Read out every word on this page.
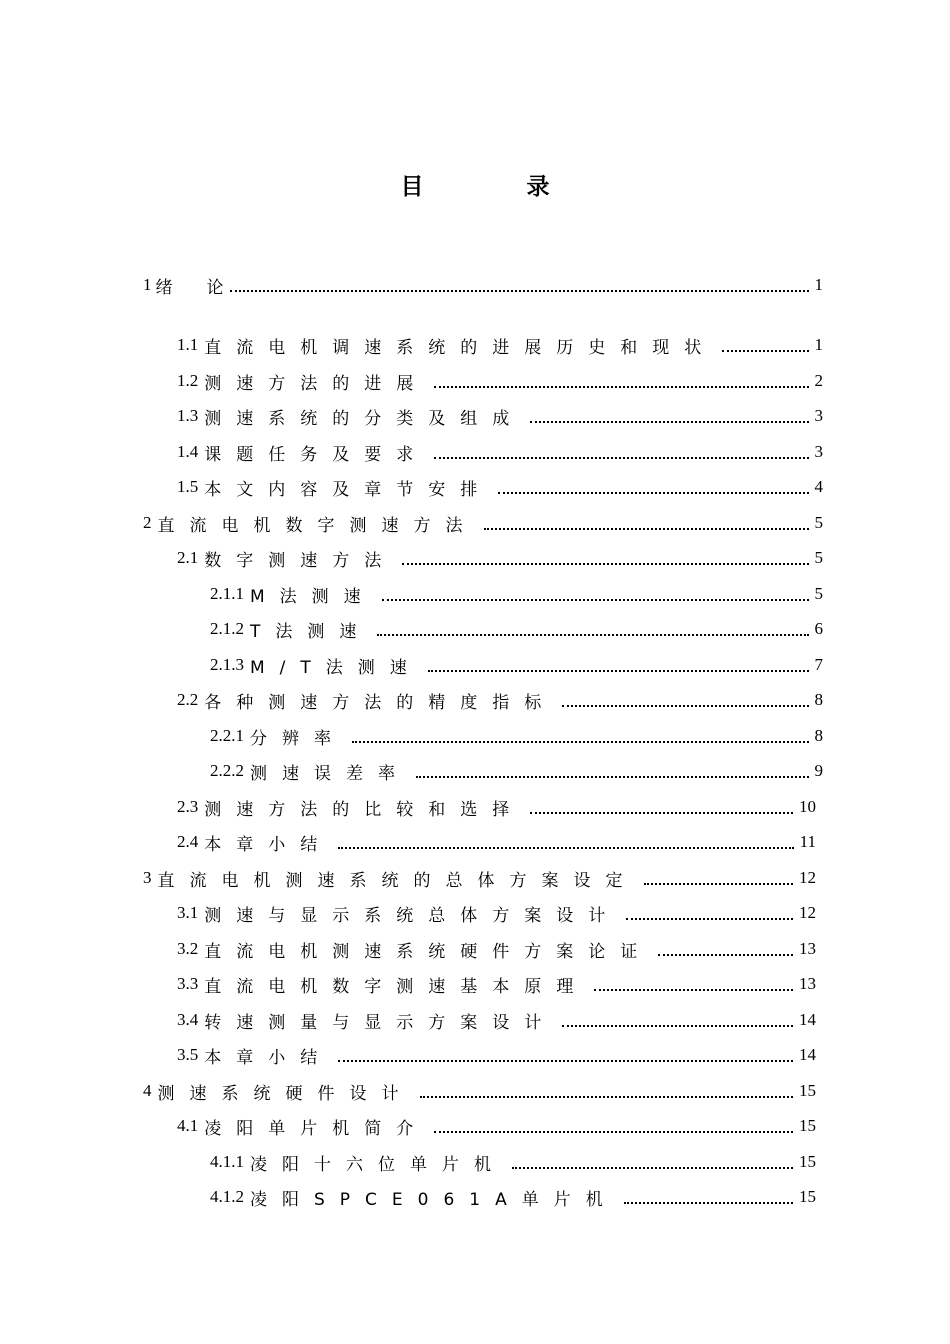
目　录
1 绪　　论	1
1.1 直流电机调速系统的进展历史和现状	1
1.2 测速方法的进展	2
1.3 测速系统的分类及组成	3
1.4 课题任务及要求	3
1.5 本文内容及章节安排	4
2 直流电机数字测速方法	5
2.1 数字测速方法	5
2.1.1 M法测速	5
2.1.2 T法测速	6
2.1.3 M/T法测速	7
2.2 各种测速方法的精度指标	8
2.2.1 分辨率	8
2.2.2 测速误差率	9
2.3 测速方法的比较和选择	10
2.4 本章小结	11
3 直流电机测速系统的总体方案设定	12
3.1 测速与显示系统总体方案设计	12
3.2 直流电机测速系统硬件方案论证	13
3.3 直流电机数字测速基本原理	13
3.4 转速测量与显示方案设计	14
3.5 本章小结	14
4 测速系统硬件设计	15
4.1 凌阳单片机简介	15
4.1.1 凌阳十六位单片机	15
4.1.2 凌阳SPCE061A单片机	15
